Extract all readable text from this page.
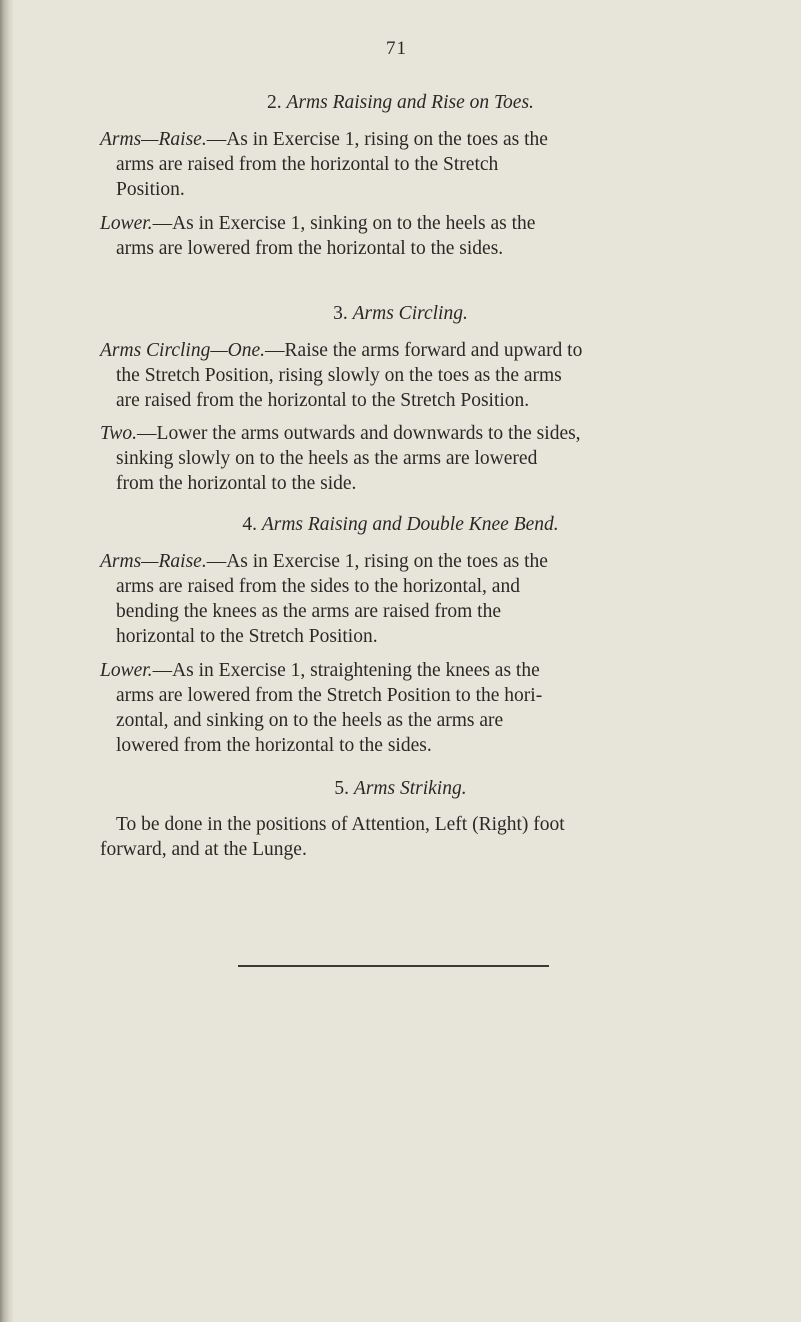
71
2. Arms Raising and Rise on Toes.

Arms—Raise.—As in Exercise 1, rising on the toes as the
arms are raised from the horizontal to the Stretch
Position.

Lower.—As in Exercise 1, sinking on to the heels as the
arms are lowered from the horizontal to the sides.

3. Arms Circling.

Arms Circling—One.—Raise the arms forward and upward to
the Stretch Position, rising slowly on the toes as the arms
are raised from the horizontal to the Stretch Position.

Two.—Lower the arms outwards and downwards to the sides,
sinking slowly on to the heels as the arms are lowered
from the horizontal to the side.

4. Arms Raising and Double Knee Bend.

Arms—Raise.—As in Exercise 1, rising on the toes as the
arms are raised from the sides to the horizontal, and
bending the knees as the arms are raised from the
horizontal to the Stretch Position.

Lower.—As in Exercise 1, straightening the knees as the
arms are lowered from the Stretch Position to the hori-
zontal, and sinking on to the heels as the arms are
lowered from the horizontal to the sides.

5. Arms Striking.

To be done in the positions of Attention, Left (Right) foot
forward, and at the Lunge.
